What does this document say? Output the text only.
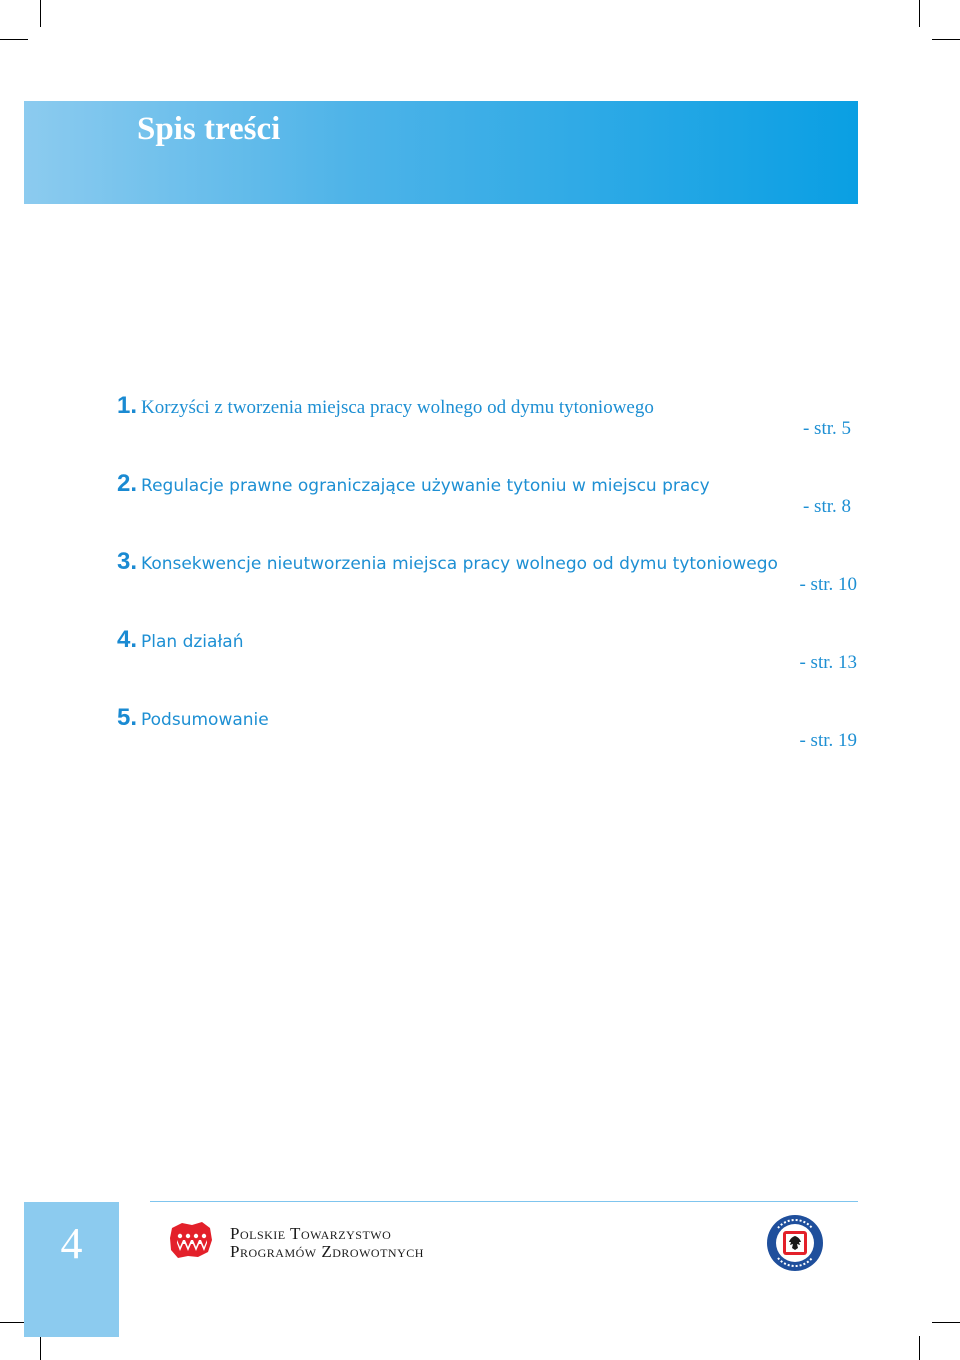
Spis treści
1. Korzyści z tworzenia miejsca pracy wolnego od dymu tytoniowego
- str. 5
2. Regulacje prawne ograniczające używanie tytoniu w miejscu pracy
- str. 8
3. Konsekwencje nieutworzenia miejsca pracy wolnego od dymu tytoniowego
- str. 10
4. Plan działań
- str. 13
5. Podsumowanie
- str. 19
4	Polskie Towarzystwo
Programów Zdrowotnych
